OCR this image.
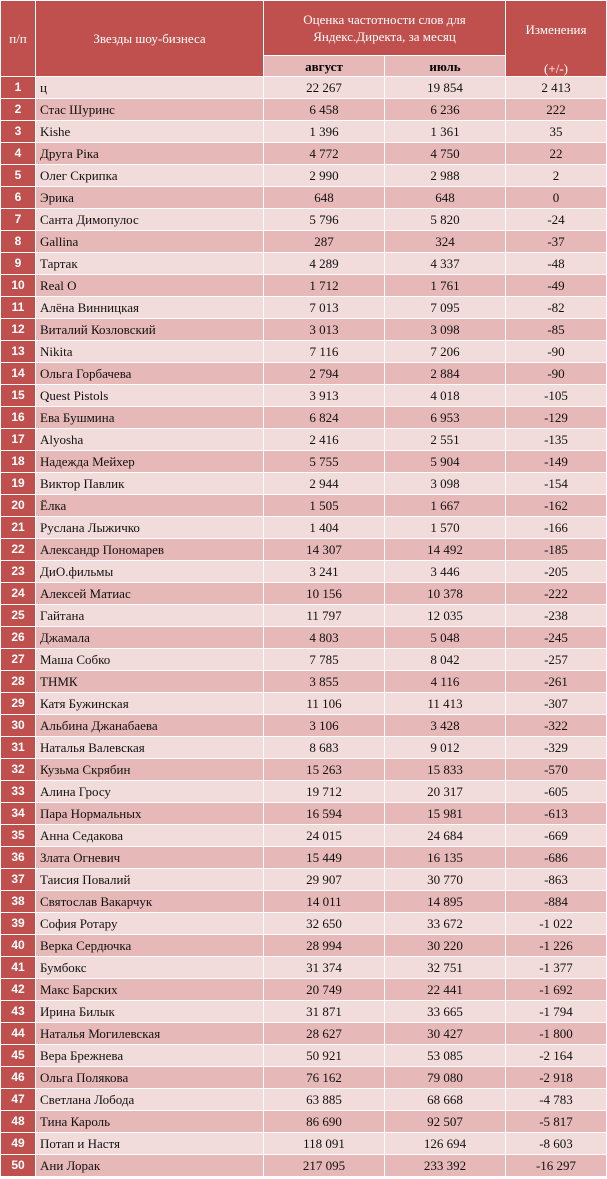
п/п	Звезды шоу-бизнеса	Оценка частотности слов для Яндекс.Директа, за месяц		Изменения
(+/-)

		август	июль	
1	ц	22 267	19 854	2 413
2	Стас Шуринс	6 458	6 236	222
3	Kishe	1 396	1 361	35
4	Друга Ріка	4 772	4 750	22
5	Олег Скрипка	2 990	2 988	2
6	Эрика	648	648	0
7	Санта Димопулос	5 796	5 820	-24
8	Gallina	287	324	-37
9	Тартак	4 289	4 337	-48
10	Real O	1 712	1 761	-49
11	Алёна Винницкая	7 013	7 095	-82
12	Виталий Козловский	3 013	3 098	-85
13	Nikita	7 116	7 206	-90
14	Ольга Горбачева	2 794	2 884	-90
15	Quest Pistols	3 913	4 018	-105
16	Ева Бушмина	6 824	6 953	-129
17	Alyosha	2 416	2 551	-135
18	Надежда Мейхер	5 755	5 904	-149
19	Виктор Павлик	2 944	3 098	-154
20	Ёлка	1 505	1 667	-162
21	Руслана Лыжичко	1 404	1 570	-166
22	Александр Пономарев	14 307	14 492	-185
23	ДиО.фильмы	3 241	3 446	-205
24	Алексей Матиас	10 156	10 378	-222
25	Гайтана	11 797	12 035	-238
26	Джамала	4 803	5 048	-245
27	Маша Собко	7 785	8 042	-257
28	ТНМК	3 855	4 116	-261
29	Катя Бужинская	11 106	11 413	-307
30	Альбина Джанабаева	3 106	3 428	-322
31	Наталья Валевская	8 683	9 012	-329
32	Кузьма Скрябин	15 263	15 833	-570
33	Алина Гросу	19 712	20 317	-605
34	Пара Нормальных	16 594	15 981	-613
35	Анна Седакова	24 015	24 684	-669
36	Злата Огневич	15 449	16 135	-686
37	Таисия Повалий	29 907	30 770	-863
38	Святослав Вакарчук	14 011	14 895	-884
39	София Ротару	32 650	33 672	-1 022
40	Верка Сердючка	28 994	30 220	-1 226
41	Бумбокс	31 374	32 751	-1 377
42	Макс Барских	20 749	22 441	-1 692
43	Ирина Билык	31 871	33 665	-1 794
44	Наталья Могилевская	28 627	30 427	-1 800
45	Вера Брежнева	50 921	53 085	-2 164
46	Ольга Полякова	76 162	79 080	-2 918
47	Светлана Лобода	63 885	68 668	-4 783
48	Тина Кароль	86 690	92 507	-5 817
49	Потап и Настя	118 091	126 694	-8 603
50	Ани Лорак	217 095	233 392	-16 297
